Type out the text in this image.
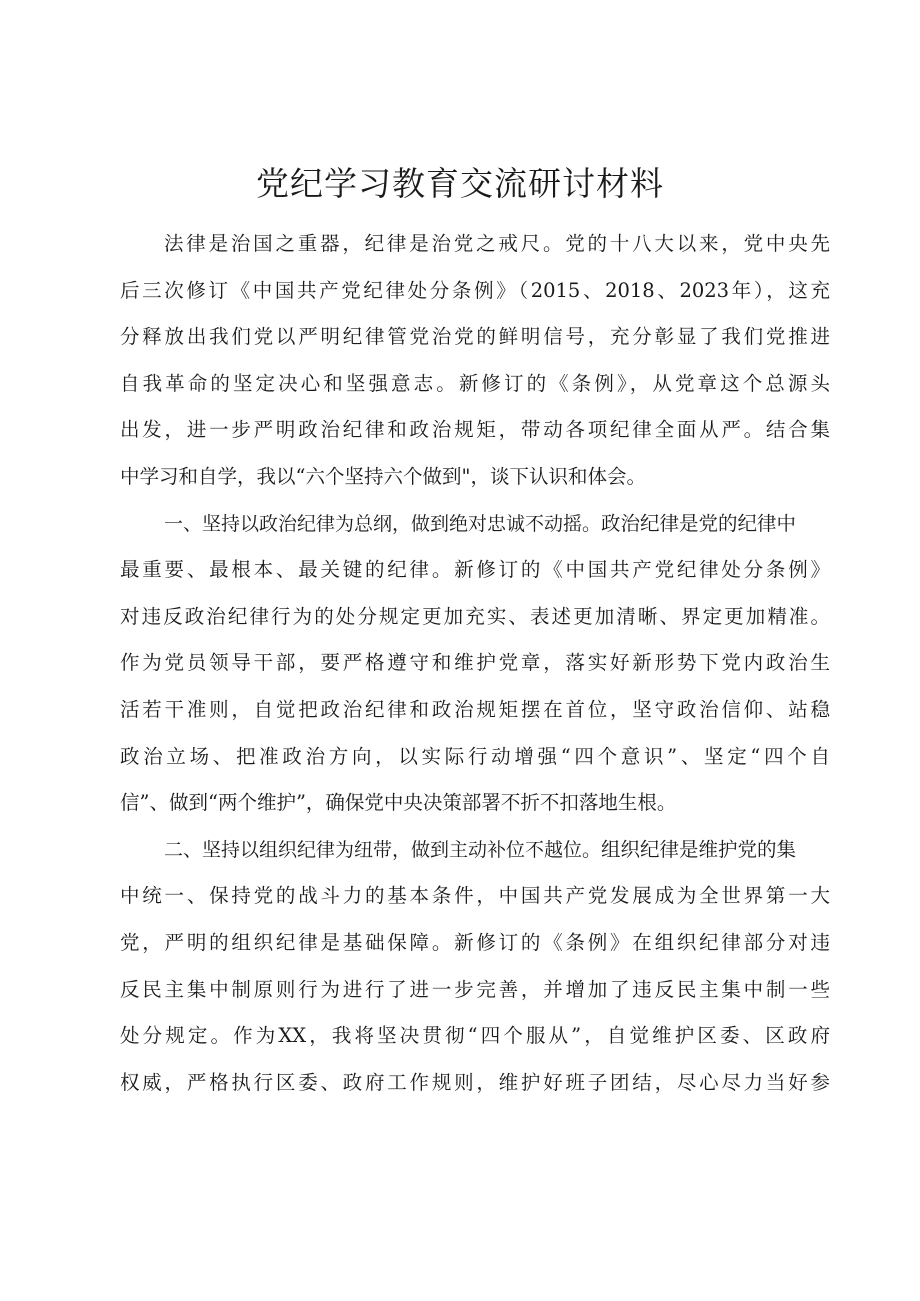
党纪学习教育交流研讨材料
法律是治国之重器，纪律是治党之戒尺。党的十八大以来，党中央先
后三次修订《中国共产党纪律处分条例》（2015、2018、2023年），这充
分释放出我们党以严明纪律管党治党的鲜明信号，充分彰显了我们党推进
自我革命的坚定决心和坚强意志。新修订的《条例》，从党章这个总源头
出发，进一步严明政治纪律和政治规矩，带动各项纪律全面从严。结合集
中学习和自学，我以“六个坚持六个做到"，谈下认识和体会。
一、坚持以政治纪律为总纲，做到绝对忠诚不动摇。政治纪律是党的纪律中
最重要、最根本、最关键的纪律。新修订的《中国共产党纪律处分条例》
对违反政治纪律行为的处分规定更加充实、表述更加清晰、界定更加精准。
作为党员领导干部，要严格遵守和维护党章，落实好新形势下党内政治生
活若干准则，自觉把政治纪律和政治规矩摆在首位，坚守政治信仰、站稳
政治立场、把准政治方向，以实际行动增强“四个意识”、坚定“四个自
信”、做到“两个维护”，确保党中央决策部署不折不扣落地生根。
二、坚持以组织纪律为纽带，做到主动补位不越位。组织纪律是维护党的集
中统一、保持党的战斗力的基本条件，中国共产党发展成为全世界第一大
党，严明的组织纪律是基础保障。新修订的《条例》在组织纪律部分对违
反民主集中制原则行为进行了进一步完善，并增加了违反民主集中制一些
处分规定。作为XX，我将坚决贯彻“四个服从”，自觉维护区委、区政府
权威，严格执行区委、政府工作规则，维护好班子团结，尽心尽力当好参
